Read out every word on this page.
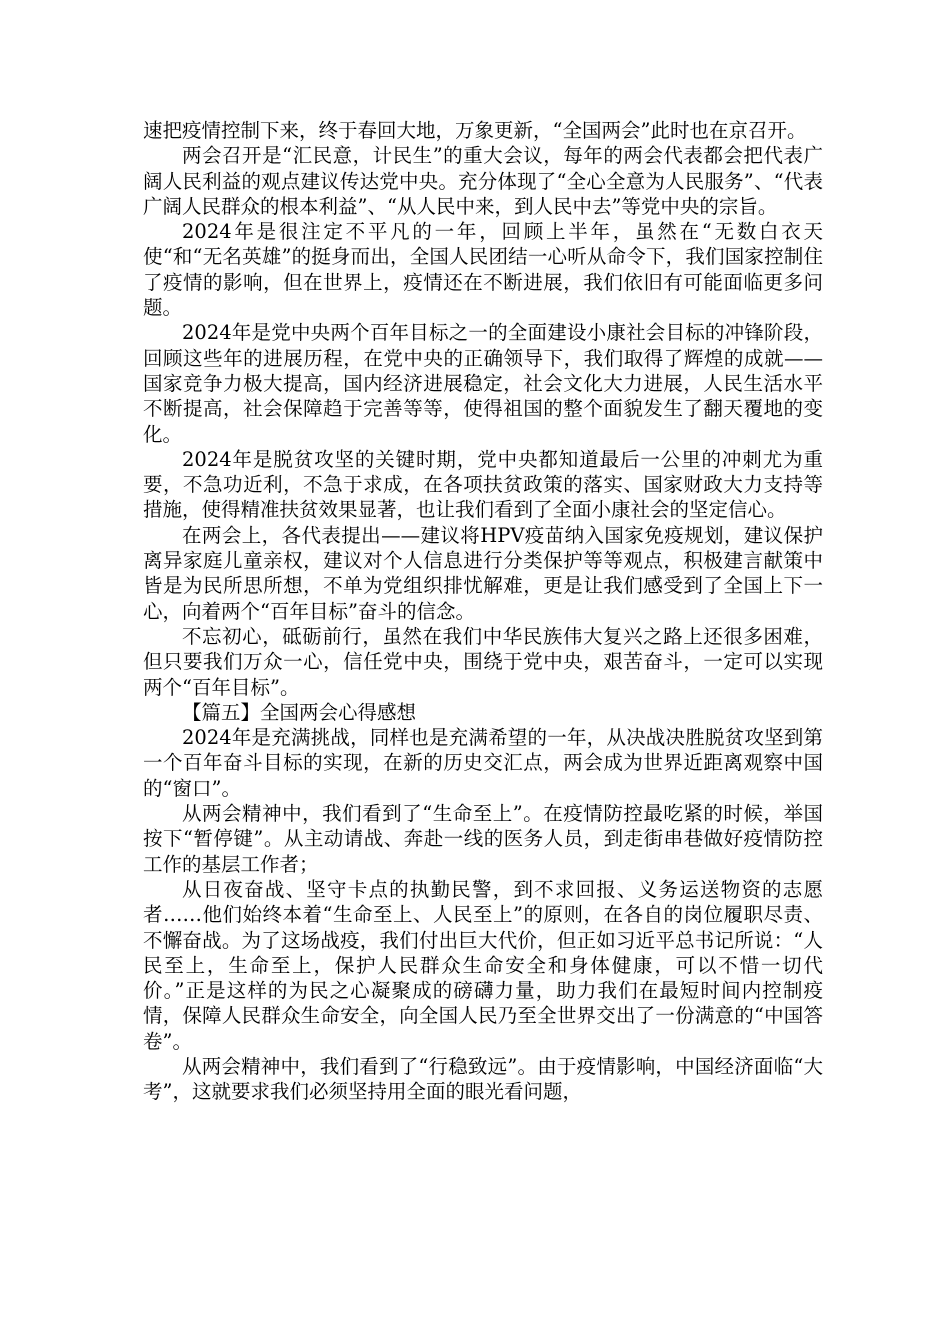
速把疫情控制下来，终于春回大地，万象更新，“全国两会”此时也在京召开。

两会召开是“汇民意，计民生”的重大会议，每年的两会代表都会把代表广阔人民利益的观点建议传达党中央。充分体现了“全心全意为人民服务”、“代表广阔人民群众的根本利益”、“从人民中来，到人民中去”等党中央的宗旨。

2024年是很注定不平凡的一年，回顾上半年，虽然在“无数白衣天使“和“无名英雄”的挺身而出，全国人民团结一心听从命令下，我们国家控制住了疫情的影响，但在世界上，疫情还在不断进展，我们依旧有可能面临更多问题。

2024年是党中央两个百年目标之一的全面建设小康社会目标的冲锋阶段，回顾这些年的进展历程，在党中央的正确领导下，我们取得了辉煌的成就——国家竞争力极大提高，国内经济进展稳定，社会文化大力进展，人民生活水平不断提高，社会保障趋于完善等等，使得祖国的整个面貌发生了翻天覆地的变化。

2024年是脱贫攻坚的关键时期，党中央都知道最后一公里的冲刺尤为重要，不急功近利，不急于求成，在各项扶贫政策的落实、国家财政大力支持等措施，使得精准扶贫效果显著，也让我们看到了全面小康社会的坚定信心。

在两会上，各代表提出——建议将HPV疫苗纳入国家免疫规划，建议保护离异家庭儿童亲权，建议对个人信息进行分类保护等等观点，积极建言献策中皆是为民所思所想，不单为党组织排忧解难，更是让我们感受到了全国上下一心，向着两个“百年目标”奋斗的信念。

不忘初心，砥砺前行，虽然在我们中华民族伟大复兴之路上还很多困难，但只要我们万众一心，信任党中央，围绕于党中央，艰苦奋斗，一定可以实现两个“百年目标”。

【篇五】全国两会心得感想

2024年是充满挑战，同样也是充满希望的一年，从决战决胜脱贫攻坚到第一个百年奋斗目标的实现，在新的历史交汇点，两会成为世界近距离观察中国的“窗口”。

从两会精神中，我们看到了“生命至上”。在疫情防控最吃紧的时候，举国按下“暂停键”。从主动请战、奔赴一线的医务人员，到走街串巷做好疫情防控工作的基层工作者；

从日夜奋战、坚守卡点的执勤民警，到不求回报、义务运送物资的志愿者……他们始终本着“生命至上、人民至上”的原则，在各自的岗位履职尽责、不懈奋战。为了这场战疫，我们付出巨大代价，但正如习近平总书记所说：“人民至上，生命至上，保护人民群众生命安全和身体健康，可以不惜一切代价。”正是这样的为民之心凝聚成的磅礴力量，助力我们在最短时间内控制疫情，保障人民群众生命安全，向全国人民乃至全世界交出了一份满意的“中国答卷”。

从两会精神中，我们看到了“行稳致远”。由于疫情影响，中国经济面临“大考”，这就要求我们必须坚持用全面的眼光看问题，
